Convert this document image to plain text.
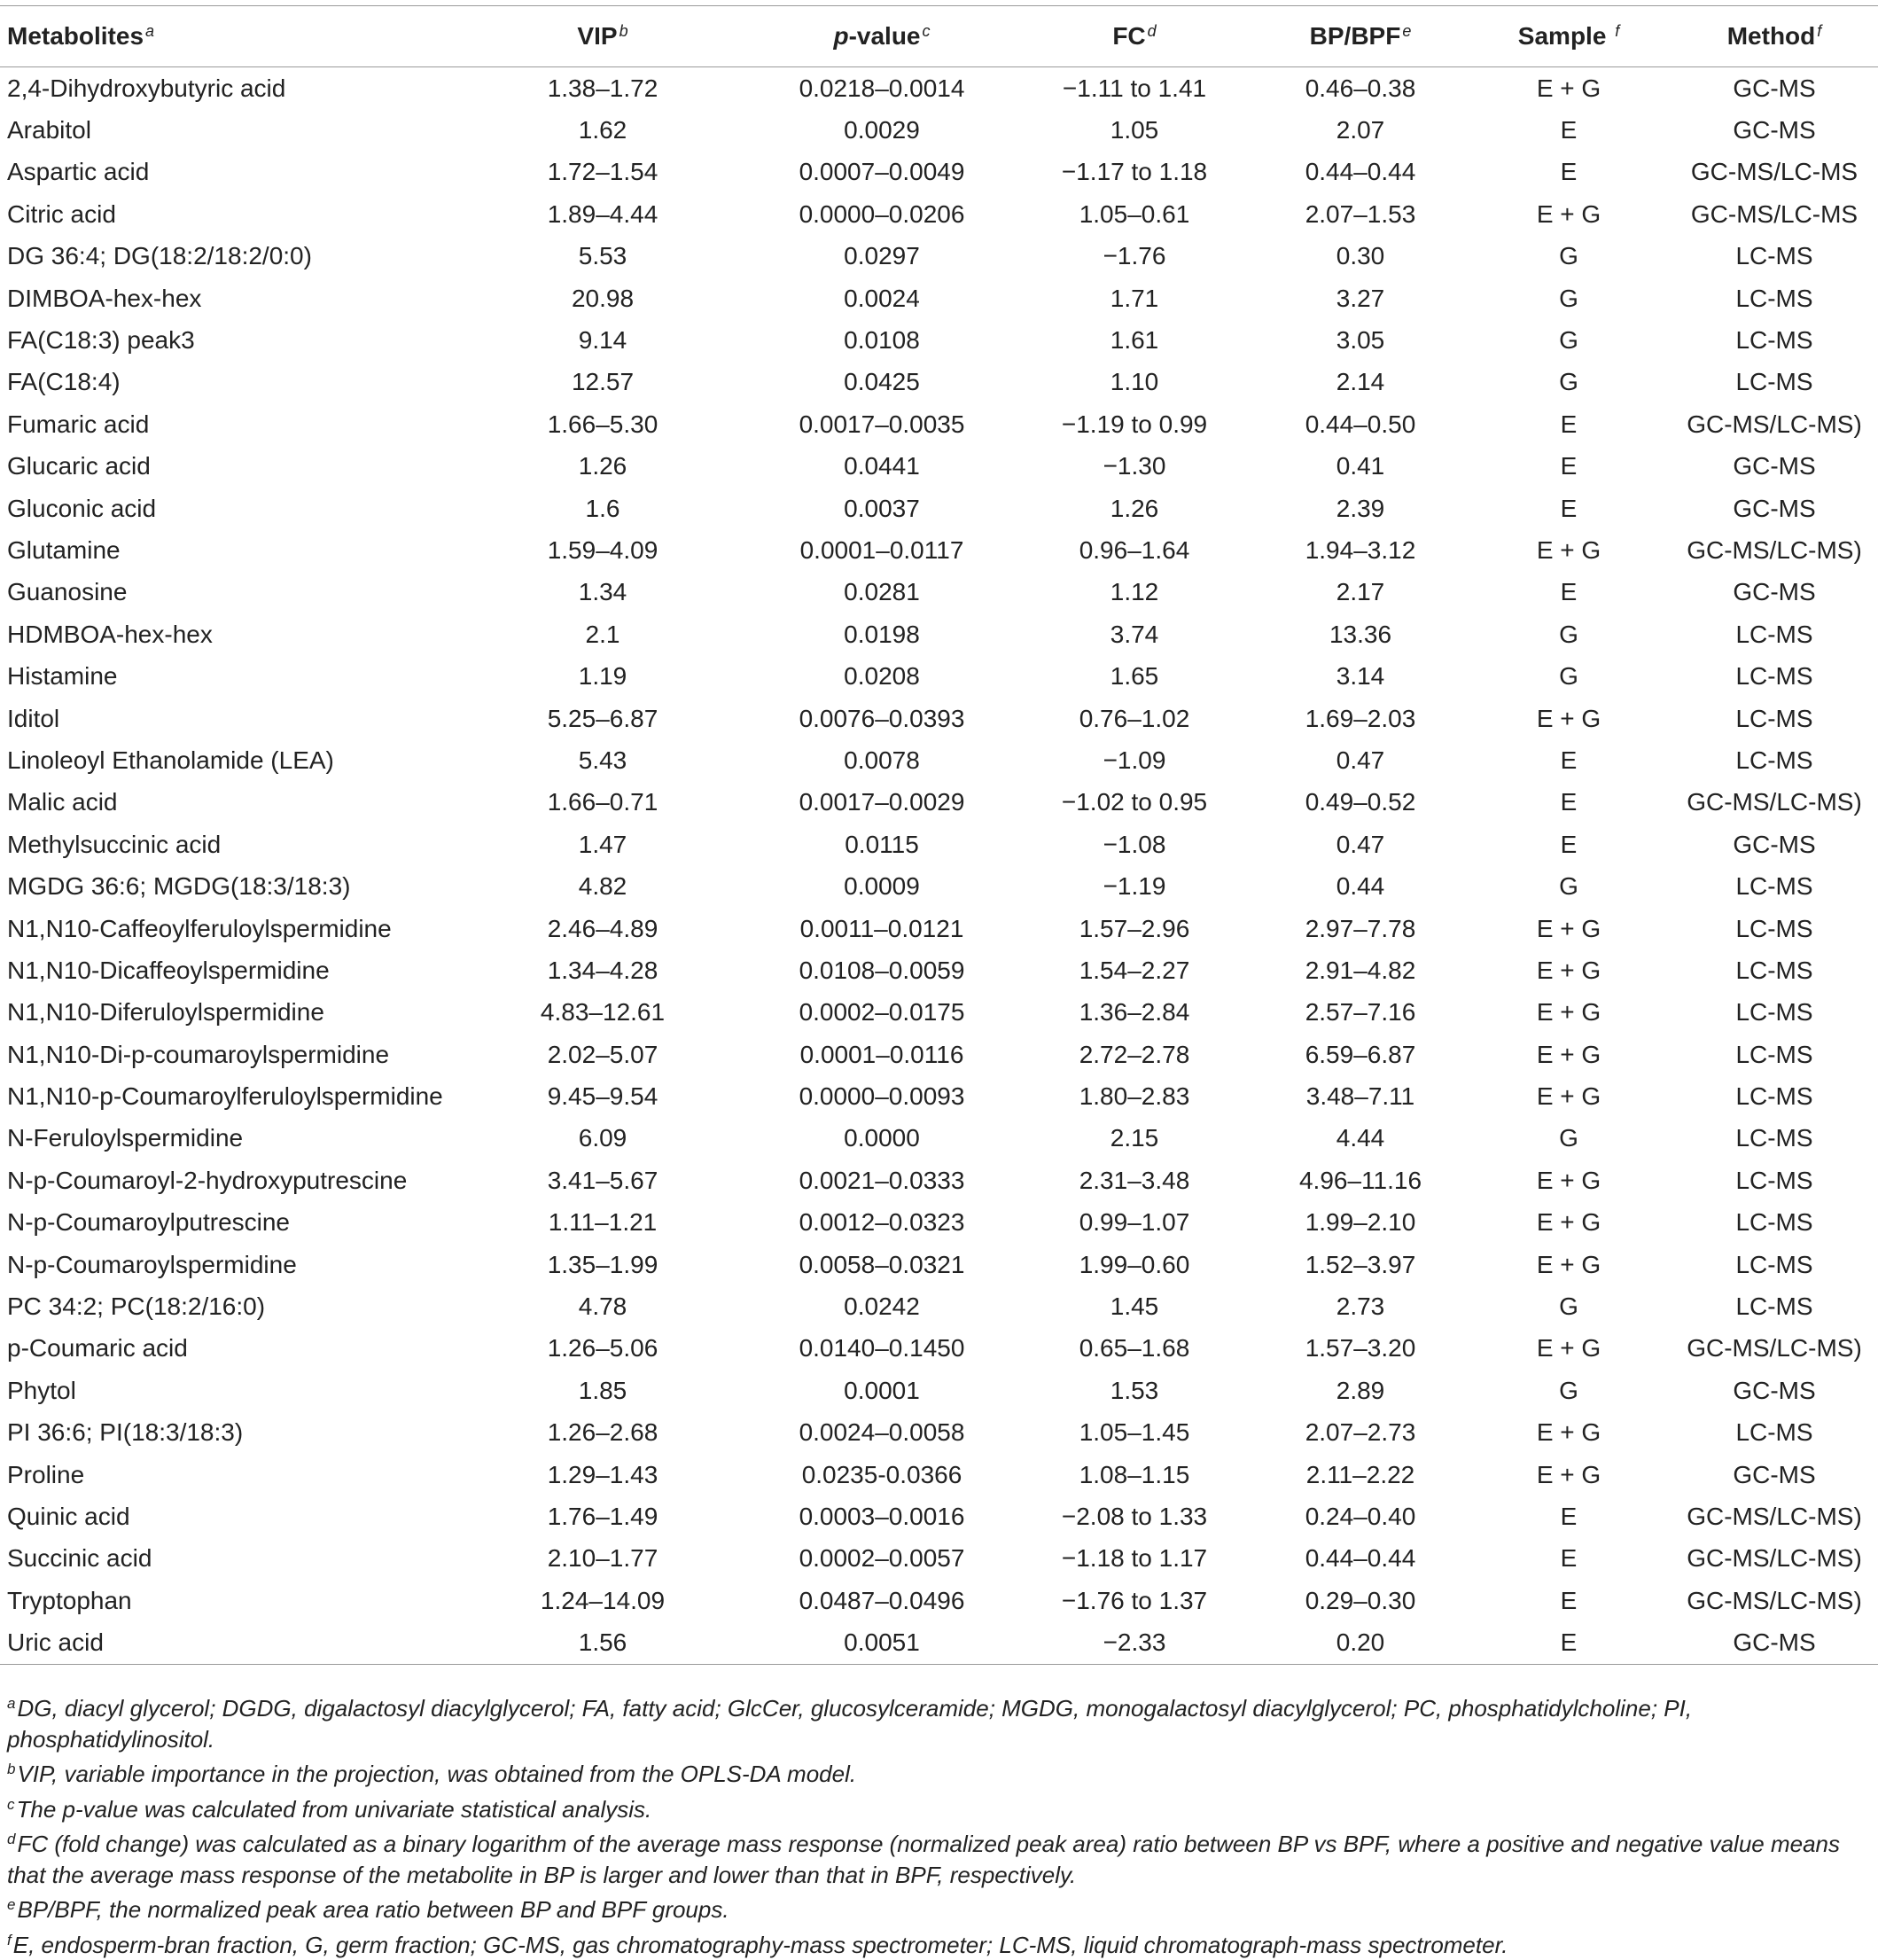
Metabolites $^a$	VIP $^b$	p-value $^c$	FC $^d$	BP/BPF $^e$	Sample $^f$	Method $^f$
2,4-Dihydroxybutyric acid	1.38–1.72	0.0218–0.0014	−1.11 to 1.41	0.46–0.38	E + G	GC-MS
Arabitol	1.62	0.0029	1.05	2.07	E	GC-MS
Aspartic acid	1.72–1.54	0.0007–0.0049	−1.17 to 1.18	0.44–0.44	E	GC-MS/LC-MS
Citric acid	1.89–4.44	0.0000–0.0206	1.05–0.61	2.07–1.53	E + G	GC-MS/LC-MS
DG 36:4; DG(18:2/18:2/0:0)	5.53	0.0297	−1.76	0.30	G	LC-MS
DIMBOA-hex-hex	20.98	0.0024	1.71	3.27	G	LC-MS
FA(C18:3) peak3	9.14	0.0108	1.61	3.05	G	LC-MS
FA(C18:4)	12.57	0.0425	1.10	2.14	G	LC-MS
Fumaric acid	1.66–5.30	0.0017–0.0035	−1.19 to 0.99	0.44–0.50	E	GC-MS/LC-MS)
Glucaric acid	1.26	0.0441	−1.30	0.41	E	GC-MS
Gluconic acid	1.6	0.0037	1.26	2.39	E	GC-MS
Glutamine	1.59–4.09	0.0001–0.0117	0.96–1.64	1.94–3.12	E + G	GC-MS/LC-MS)
Guanosine	1.34	0.0281	1.12	2.17	E	GC-MS
HDMBOA-hex-hex	2.1	0.0198	3.74	13.36	G	LC-MS
Histamine	1.19	0.0208	1.65	3.14	G	LC-MS
Iditol	5.25–6.87	0.0076–0.0393	0.76–1.02	1.69–2.03	E + G	LC-MS
Linoleoyl Ethanolamide (LEA)	5.43	0.0078	−1.09	0.47	E	LC-MS
Malic acid	1.66–0.71	0.0017–0.0029	−1.02 to 0.95	0.49–0.52	E	GC-MS/LC-MS)
Methylsuccinic acid	1.47	0.0115	−1.08	0.47	E	GC-MS
MGDG 36:6; MGDG(18:3/18:3)	4.82	0.0009	−1.19	0.44	G	LC-MS
N1,N10-Caffeoylferuloylspermidine	2.46–4.89	0.0011–0.0121	1.57–2.96	2.97–7.78	E + G	LC-MS
N1,N10-Dicaffeoylspermidine	1.34–4.28	0.0108–0.0059	1.54–2.27	2.91–4.82	E + G	LC-MS
N1,N10-Diferuloylspermidine	4.83–12.61	0.0002–0.0175	1.36–2.84	2.57–7.16	E + G	LC-MS
N1,N10-Di-p-coumaroylspermidine	2.02–5.07	0.0001–0.0116	2.72–2.78	6.59–6.87	E + G	LC-MS
N1,N10-p-Coumaroylferuloylspermidine	9.45–9.54	0.0000–0.0093	1.80–2.83	3.48–7.11	E + G	LC-MS
N-Feruloylspermidine	6.09	0.0000	2.15	4.44	G	LC-MS
N-p-Coumaroyl-2-hydroxyputrescine	3.41–5.67	0.0021–0.0333	2.31–3.48	4.96–11.16	E + G	LC-MS
N-p-Coumaroylputrescine	1.11–1.21	0.0012–0.0323	0.99–1.07	1.99–2.10	E + G	LC-MS
N-p-Coumaroylspermidine	1.35–1.99	0.0058–0.0321	1.99–0.60	1.52–3.97	E + G	LC-MS
PC 34:2; PC(18:2/16:0)	4.78	0.0242	1.45	2.73	G	LC-MS
p-Coumaric acid	1.26–5.06	0.0140–0.1450	0.65–1.68	1.57–3.20	E + G	GC-MS/LC-MS)
Phytol	1.85	0.0001	1.53	2.89	G	GC-MS
PI 36:6; PI(18:3/18:3)	1.26–2.68	0.0024–0.0058	1.05–1.45	2.07–2.73	E + G	LC-MS
Proline	1.29–1.43	0.0235-0.0366	1.08–1.15	2.11–2.22	E + G	GC-MS
Quinic acid	1.76–1.49	0.0003–0.0016	−2.08 to 1.33	0.24–0.40	E	GC-MS/LC-MS)
Succinic acid	2.10–1.77	0.0002–0.0057	−1.18 to 1.17	0.44–0.44	E	GC-MS/LC-MS)
Tryptophan	1.24–14.09	0.0487–0.0496	−1.76 to 1.37	0.29–0.30	E	GC-MS/LC-MS)
Uric acid	1.56	0.0051	−2.33	0.20	E	GC-MS

$^a$DG, diacyl glycerol; DGDG, digalactosyl diacylglycerol; FA, fatty acid; GlcCer, glucosylceramide; MGDG, monogalactosyl diacylglycerol; PC, phosphatidylcholine; PI, phosphatidylinositol.

$^b$VIP, variable importance in the projection, was obtained from the OPLS-DA model.

$^c$The p-value was calculated from univariate statistical analysis.

$^d$FC (fold change) was calculated as a binary logarithm of the average mass response (normalized peak area) ratio between BP vs BPF, where a positive and negative value means that the average mass response of the metabolite in BP is larger and lower than that in BPF, respectively.

$^e$BP/BPF, the normalized peak area ratio between BP and BPF groups.

$^f$E, endosperm-bran fraction, G, germ fraction; GC-MS, gas chromatography-mass spectrometer; LC-MS, liquid chromatograph-mass spectrometer.
